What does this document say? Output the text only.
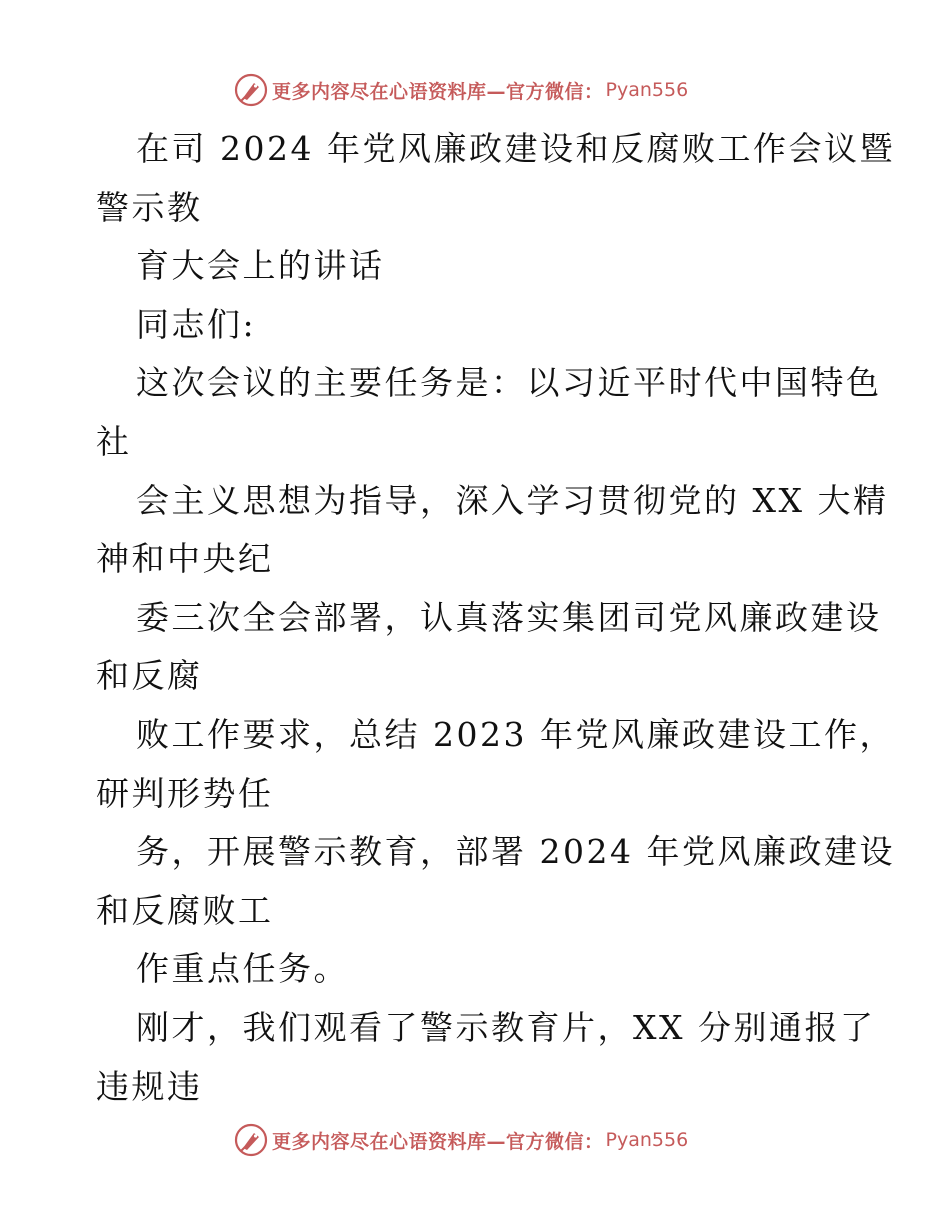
更多内容尽在心语资料库—官方微信： Pyan556
在司 2024 年党风廉政建设和反腐败工作会议暨
警示教
育大会上的讲话
同志们:
这次会议的主要任务是：以习近平时代中国特色
社
会主义思想为指导，深入学习贯彻党的 XX 大精
神和中央纪
委三次全会部署，认真落实集团司党风廉政建设
和反腐
败工作要求，总结 2023 年党风廉政建设工作，
研判形势任
务，开展警示教育，部署 2024 年党风廉政建设
和反腐败工
作重点任务。
刚才，我们观看了警示教育片，XX 分别通报了
违规违
更多内容尽在心语资料库—官方微信： Pyan556
